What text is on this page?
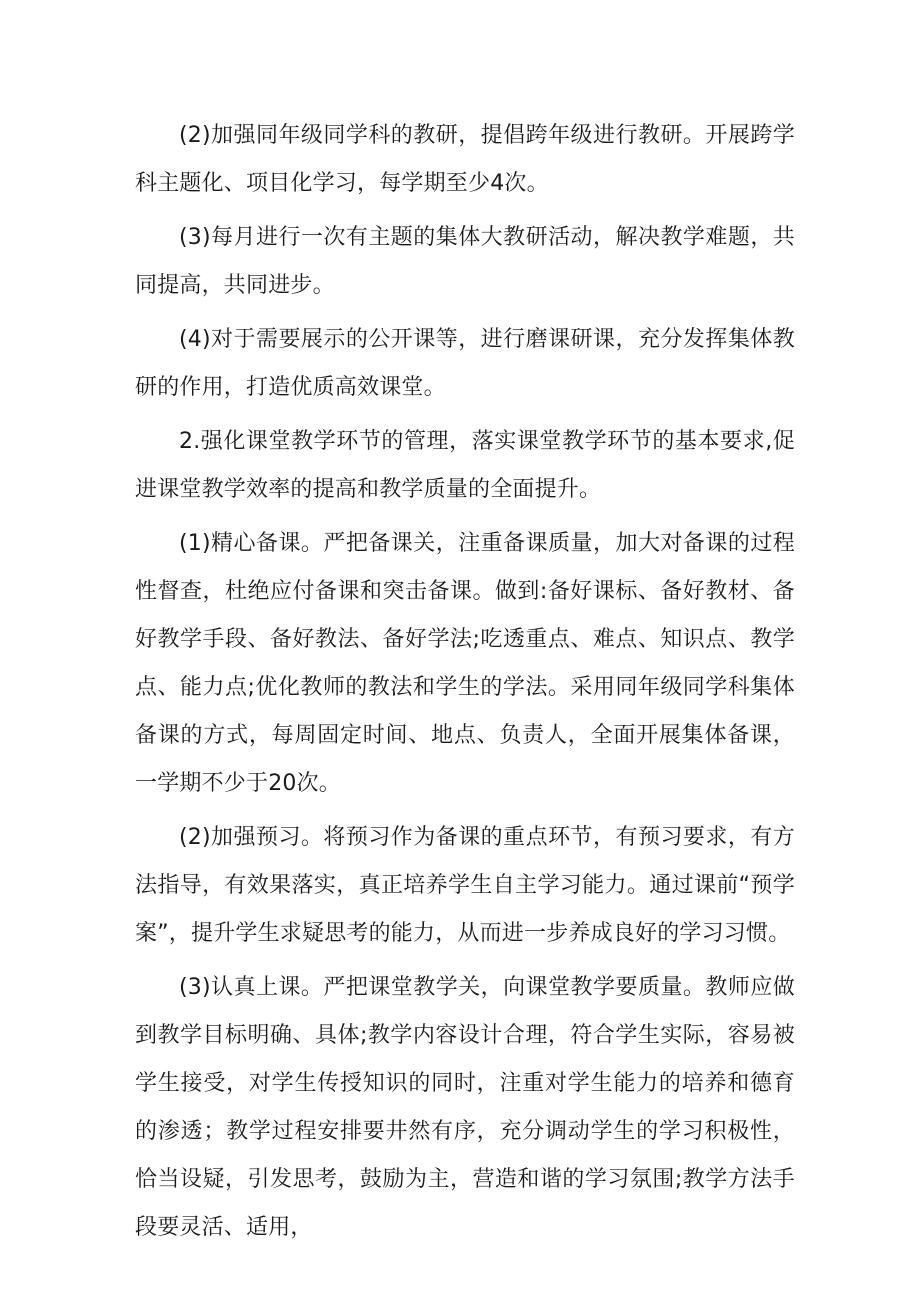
(2)加强同年级同学科的教研，提倡跨年级进行教研。开展跨学科主题化、项目化学习，每学期至少4次。

(3)每月进行一次有主题的集体大教研活动，解决教学难题，共同提高，共同进步。

(4)对于需要展示的公开课等，进行磨课研课，充分发挥集体教研的作用，打造优质高效课堂。

2.强化课堂教学环节的管理，落实课堂教学环节的基本要求,促进课堂教学效率的提高和教学质量的全面提升。

(1)精心备课。严把备课关，注重备课质量，加大对备课的过程性督查，杜绝应付备课和突击备课。做到:备好课标、备好教材、备好教学手段、备好教法、备好学法;吃透重点、难点、知识点、教学点、能力点;优化教师的教法和学生的学法。采用同年级同学科集体备课的方式，每周固定时间、地点、负责人，全面开展集体备课，一学期不少于20次。

(2)加强预习。将预习作为备课的重点环节，有预习要求，有方法指导，有效果落实，真正培养学生自主学习能力。通过课前“预学案”，提升学生求疑思考的能力，从而进一步养成良好的学习习惯。

(3)认真上课。严把课堂教学关，向课堂教学要质量。教师应做到教学目标明确、具体;教学内容设计合理，符合学生实际，容易被学生接受，对学生传授知识的同时，注重对学生能力的培养和德育的渗透；教学过程安排要井然有序，充分调动学生的学习积极性，恰当设疑，引发思考，鼓励为主，营造和谐的学习氛围;教学方法手段要灵活、适用，
